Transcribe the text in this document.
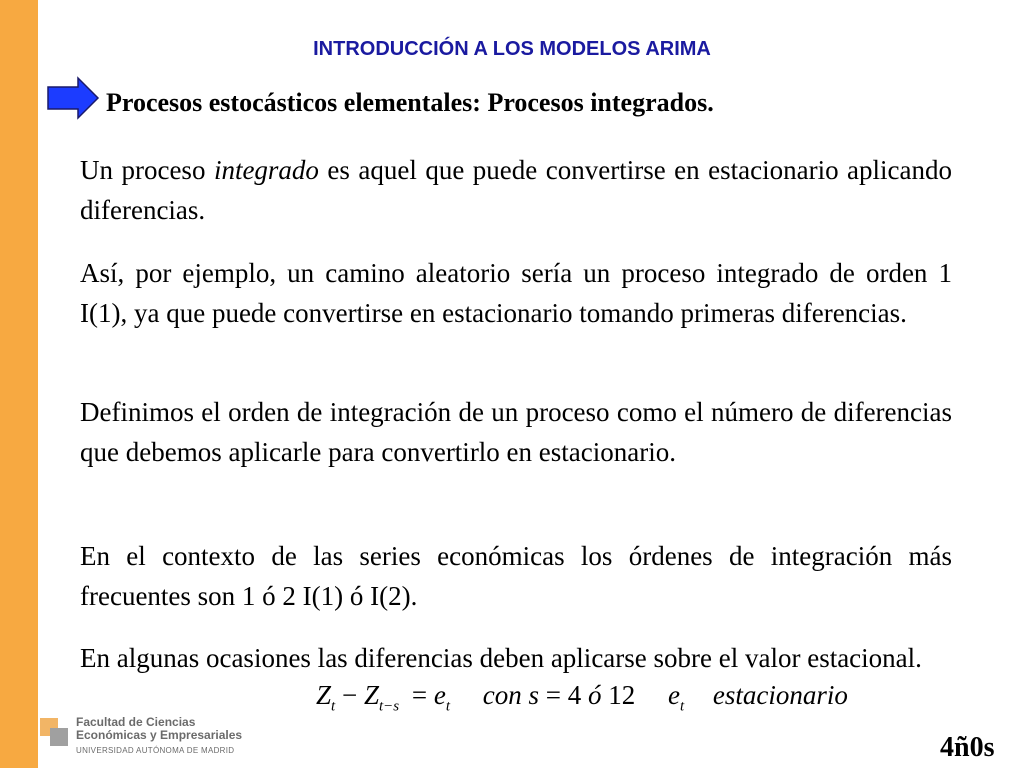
INTRODUCCIÓN A LOS MODELOS ARIMA
Procesos estocásticos elementales: Procesos integrados.

Un proceso integrado es aquel que puede convertirse en estacionario aplicando diferencias.

Así, por ejemplo, un camino aleatorio sería un proceso integrado de orden 1 I(1), ya que puede convertirse en estacionario tomando primeras diferencias.

Definimos el orden de integración de un proceso como el número de diferencias que debemos aplicarle para convertirlo en estacionario.

En el contexto de las series económicas los órdenes de integración más frecuentes son 1 ó 2 I(1) ó I(2).

En algunas ocasiones las diferencias deben aplicarse sobre el valor estacional.

$Z_t - Z_{t-s} = e_t$ con s = 4 ó 12 $e_t$ estacionario
Facultad de Ciencias
Económicas y Empresariales
UNIVERSIDAD AUTÓNOMA DE MADRID	4ñ0s
